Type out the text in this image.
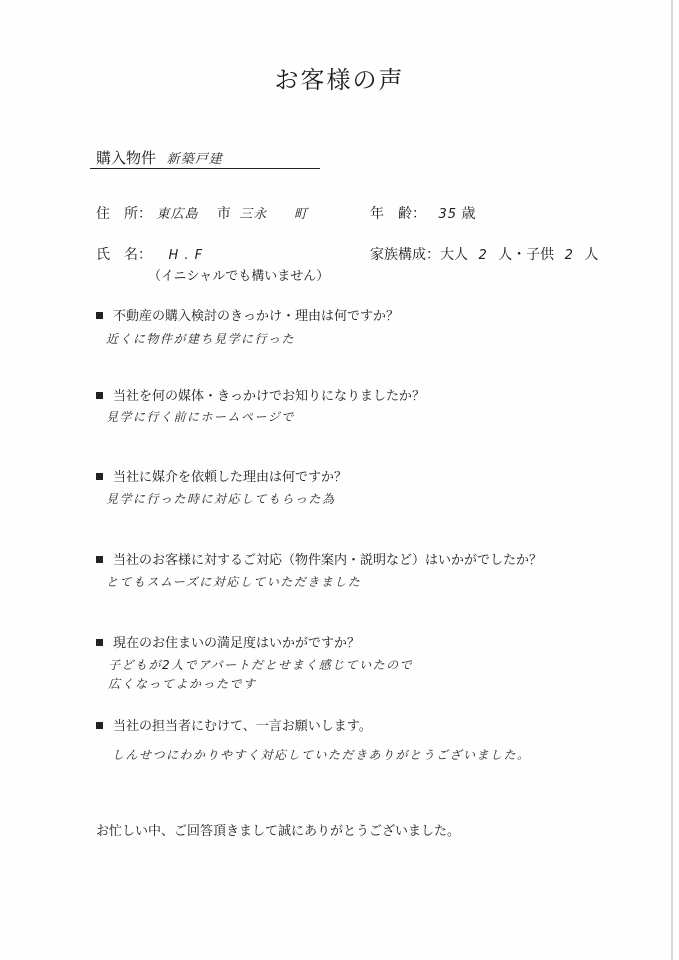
お客様の声
購入物件 新築戸建
住　所： 東広島 市 三永 町	年　齢： 35 歳
氏　名： H . F
（イニシャルでも構いません）
家族構成：大人 2 人・子供 2 人
不動産の購入検討のきっかけ・理由は何ですか？
近くに物件が建ち見学に行った
当社を何の媒体・きっかけでお知りになりましたか？
見学に行く前にホームページで
当社に媒介を依頼した理由は何ですか？
見学に行った時に対応してもらった為
当社のお客様に対するご対応（物件案内・説明など）はいかがでしたか？
とてもスムーズに対応していただきました
現在のお住まいの満足度はいかがですか？
子どもが2人でアパートだとせまく感じていたので
広くなってよかったです
当社の担当者にむけて、一言お願いします。
しんせつにわかりやすく対応していただきありがとうございました。
お忙しい中、ご回答頂きまして誠にありがとうございました。
